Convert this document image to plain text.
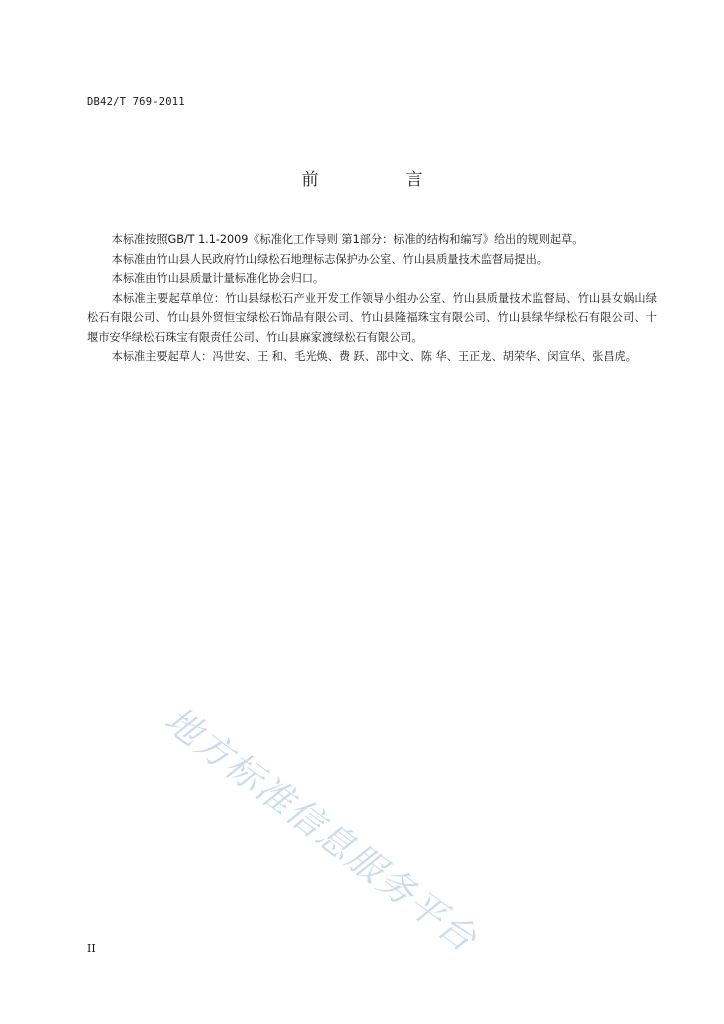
DB42/T 769-2011
前 言

本标准按照GB/T 1.1-2009《标准化工作导则 第1部分：标准的结构和编写》给出的规则起草。

本标准由竹山县人民政府竹山绿松石地理标志保护办公室、竹山县质量技术监督局提出。

本标准由竹山县质量计量标准化协会归口。

本标准主要起草单位：竹山县绿松石产业开发工作领导小组办公室、竹山县质量技术监督局、竹山县女娲山绿松石有限公司、竹山县外贸恒宝绿松石饰品有限公司、竹山县隆福珠宝有限公司、竹山县绿华绿松石有限公司、十堰市安华绿松石珠宝有限责任公司、竹山县麻家渡绿松石有限公司。

本标准主要起草人：冯世安、王 和、毛光焕、费 跃、邵中文、陈 华、王正龙、胡荣华、闵宣华、张昌虎。

地方标准信息服务平台
II
